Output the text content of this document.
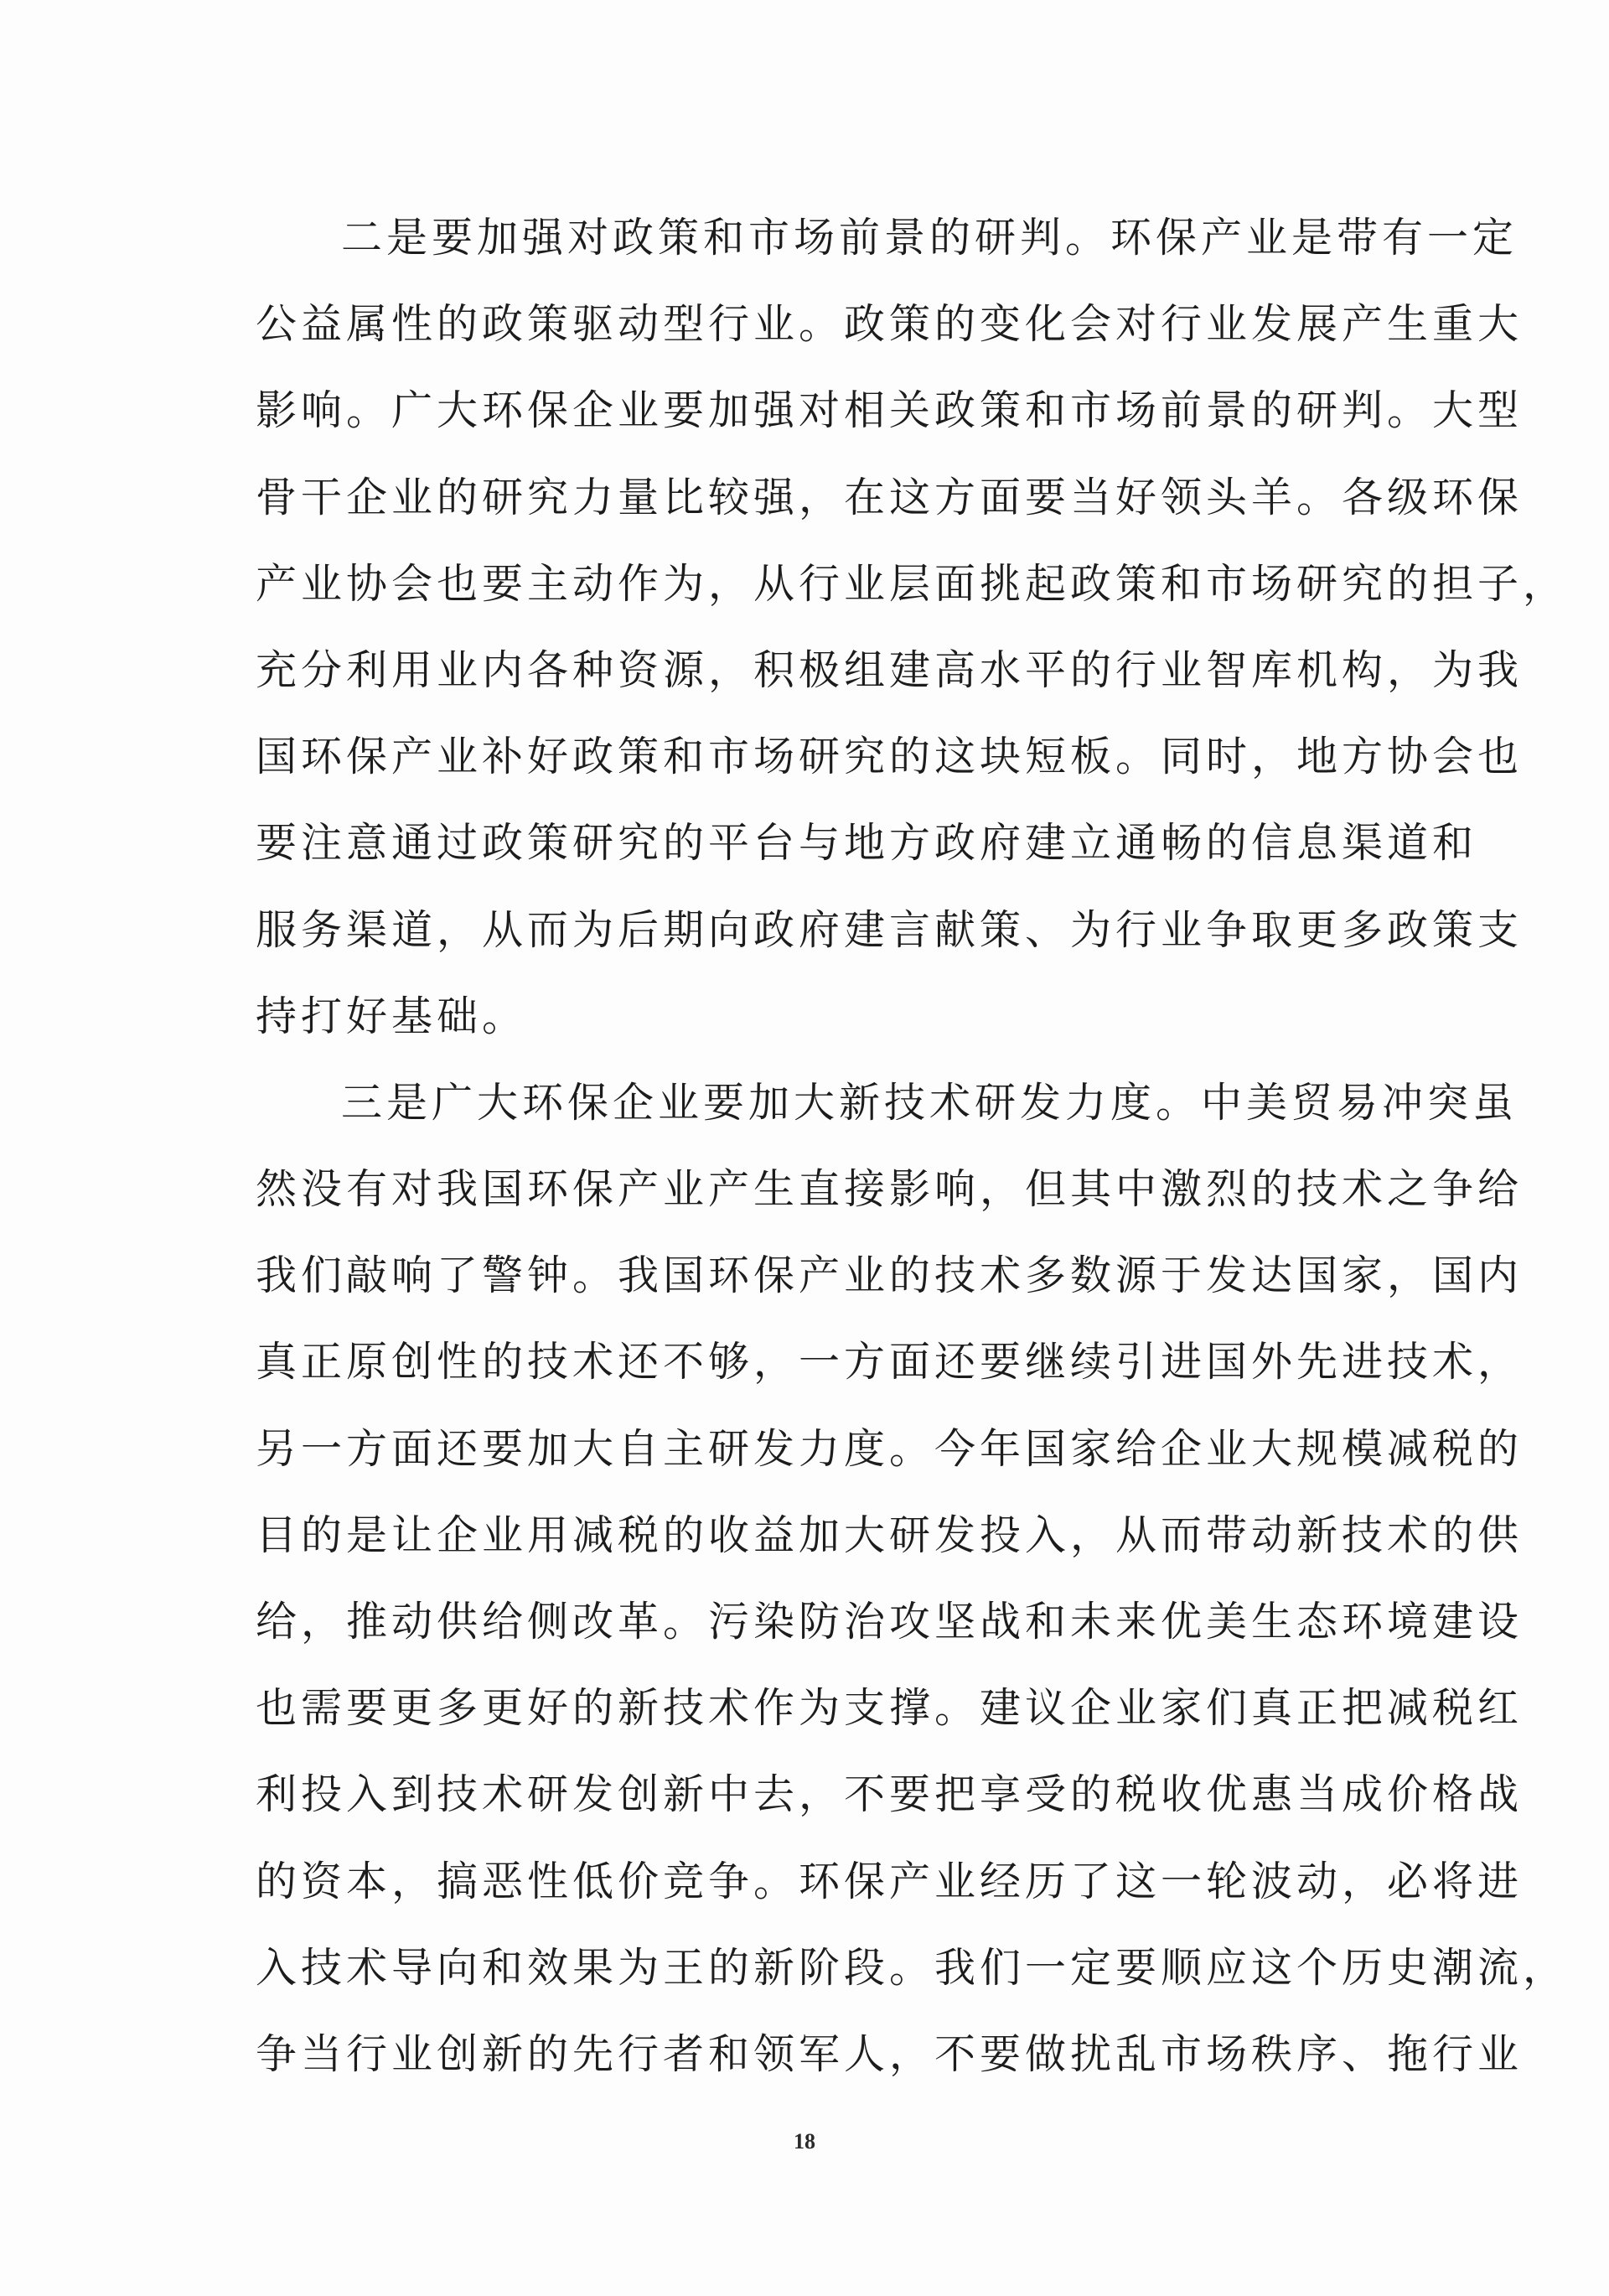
二是要加强对政策和市场前景的研判。环保产业是带有一定
公益属性的政策驱动型行业。政策的变化会对行业发展产生重大
影响。广大环保企业要加强对相关政策和市场前景的研判。大型
骨干企业的研究力量比较强，在这方面要当好领头羊。各级环保
产业协会也要主动作为，从行业层面挑起政策和市场研究的担子，
充分利用业内各种资源，积极组建高水平的行业智库机构，为我
国环保产业补好政策和市场研究的这块短板。同时，地方协会也
要注意通过政策研究的平台与地方政府建立通畅的信息渠道和
服务渠道，从而为后期向政府建言献策、为行业争取更多政策支
持打好基础。
三是广大环保企业要加大新技术研发力度。中美贸易冲突虽
然没有对我国环保产业产生直接影响，但其中激烈的技术之争给
我们敲响了警钟。我国环保产业的技术多数源于发达国家，国内
真正原创性的技术还不够，一方面还要继续引进国外先进技术，
另一方面还要加大自主研发力度。今年国家给企业大规模减税的
目的是让企业用减税的收益加大研发投入，从而带动新技术的供
给，推动供给侧改革。污染防治攻坚战和未来优美生态环境建设
也需要更多更好的新技术作为支撑。建议企业家们真正把减税红
利投入到技术研发创新中去，不要把享受的税收优惠当成价格战
的资本，搞恶性低价竞争。环保产业经历了这一轮波动，必将进
入技术导向和效果为王的新阶段。我们一定要顺应这个历史潮流，
争当行业创新的先行者和领军人，不要做扰乱市场秩序、拖行业
18
